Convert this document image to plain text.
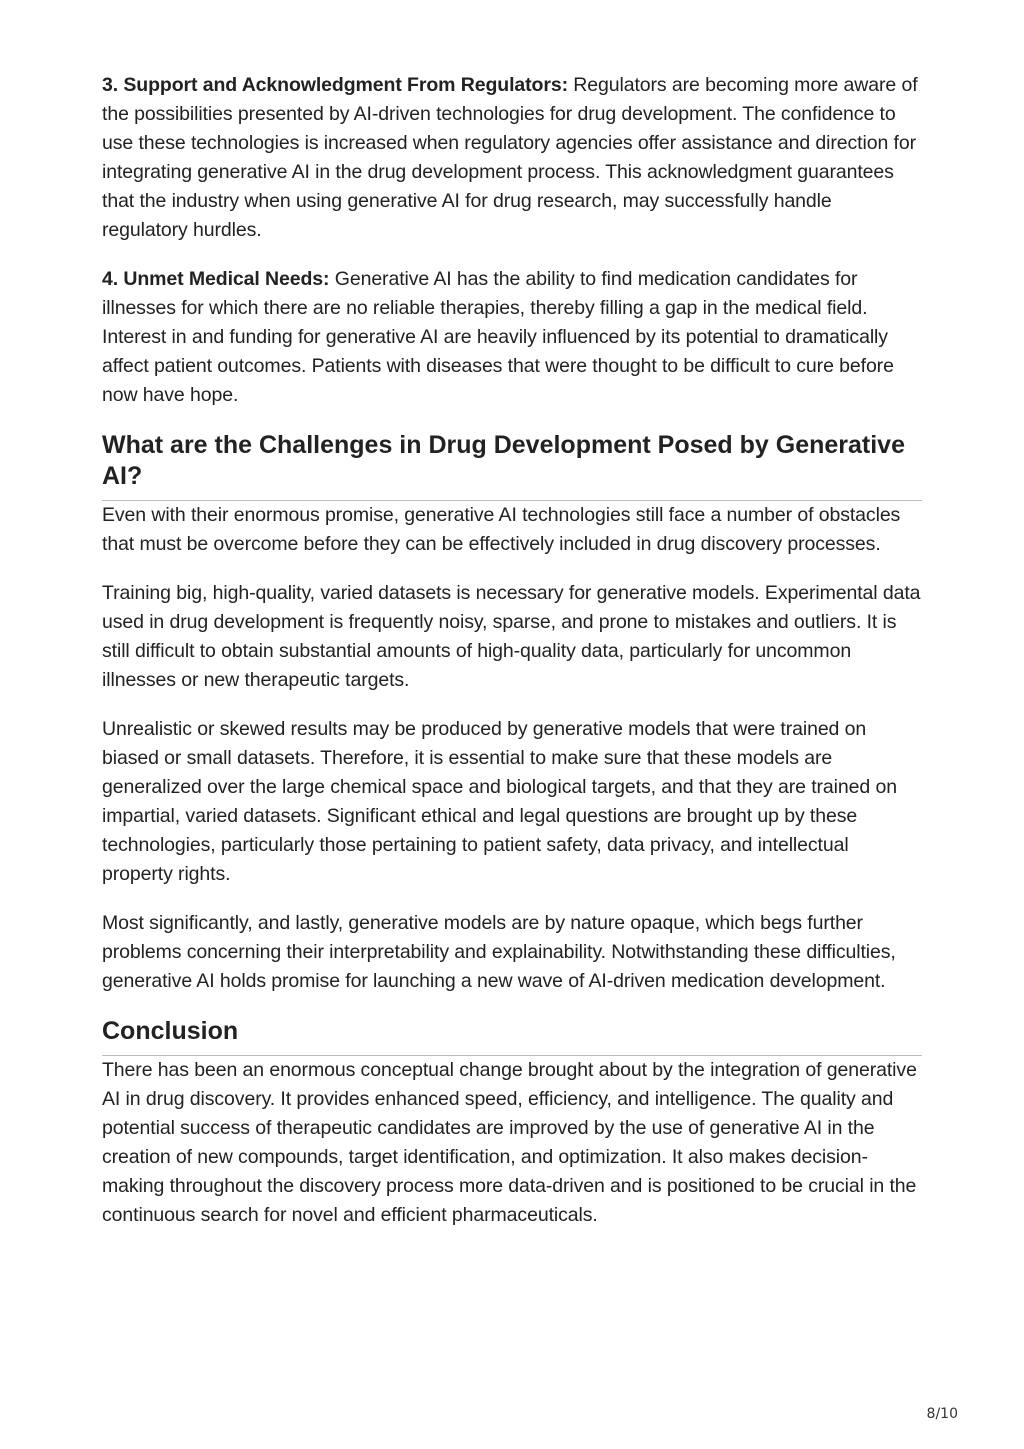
3. Support and Acknowledgment From Regulators: Regulators are becoming more aware of the possibilities presented by AI-driven technologies for drug development. The confidence to use these technologies is increased when regulatory agencies offer assistance and direction for integrating generative AI in the drug development process. This acknowledgment guarantees that the industry when using generative AI for drug research, may successfully handle regulatory hurdles.

4. Unmet Medical Needs: Generative AI has the ability to find medication candidates for illnesses for which there are no reliable therapies, thereby filling a gap in the medical field. Interest in and funding for generative AI are heavily influenced by its potential to dramatically affect patient outcomes. Patients with diseases that were thought to be difficult to cure before now have hope.

What are the Challenges in Drug Development Posed by Generative AI?

Even with their enormous promise, generative AI technologies still face a number of obstacles that must be overcome before they can be effectively included in drug discovery processes.

Training big, high-quality, varied datasets is necessary for generative models. Experimental data used in drug development is frequently noisy, sparse, and prone to mistakes and outliers. It is still difficult to obtain substantial amounts of high-quality data, particularly for uncommon illnesses or new therapeutic targets.

Unrealistic or skewed results may be produced by generative models that were trained on biased or small datasets. Therefore, it is essential to make sure that these models are generalized over the large chemical space and biological targets, and that they are trained on impartial, varied datasets. Significant ethical and legal questions are brought up by these technologies, particularly those pertaining to patient safety, data privacy, and intellectual property rights.

Most significantly, and lastly, generative models are by nature opaque, which begs further problems concerning their interpretability and explainability. Notwithstanding these difficulties, generative AI holds promise for launching a new wave of AI-driven medication development.

Conclusion

There has been an enormous conceptual change brought about by the integration of generative AI in drug discovery. It provides enhanced speed, efficiency, and intelligence. The quality and potential success of therapeutic candidates are improved by the use of generative AI in the creation of new compounds, target identification, and optimization. It also makes decision-making throughout the discovery process more data-driven and is positioned to be crucial in the continuous search for novel and efficient pharmaceuticals.

8/10
